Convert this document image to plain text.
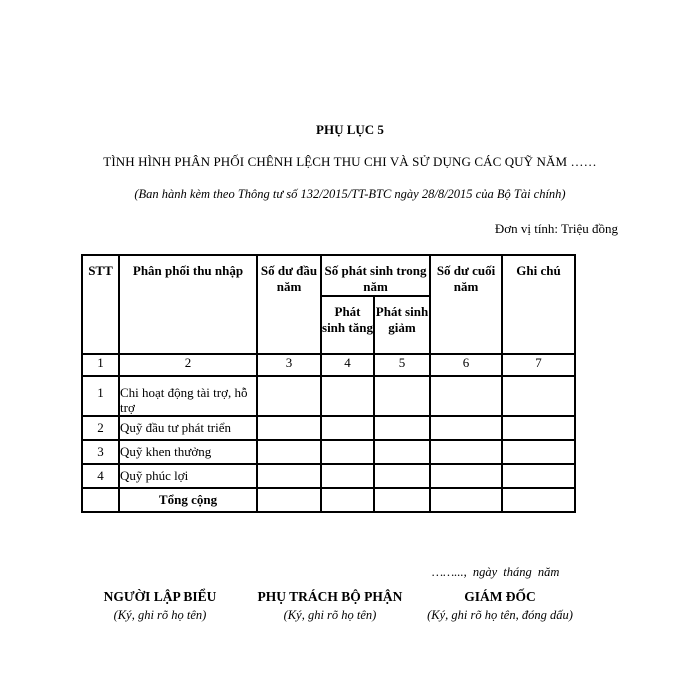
PHỤ LỤC 5
TÌNH HÌNH PHÂN PHỐI CHÊNH LỆCH THU CHI VÀ SỬ DỤNG CÁC QUỸ NĂM ……
(Ban hành kèm theo Thông tư số 132/2015/TT-BTC ngày 28/8/2015 của Bộ Tài chính)
Đơn vị tính: Triệu đồng
STT	Phân phối thu nhập	Số dư đầu năm	Số phát sinh trong năm		Số dư cuối năm	Ghi chú
			Phát sinh tăng	Phát sinh giảm		
1	2	3	4	5	6	7
1	Chi hoạt động tài trợ, hỗ trợ					
2	Quỹ đầu tư phát triển					
3	Quỹ khen thưởng					
4	Quỹ phúc lợi					
	Tổng cộng					
……..., ngày tháng năm
NGƯỜI LẬP BIỂU
(Ký, ghi rõ họ tên)
PHỤ TRÁCH BỘ PHẬN
(Ký, ghi rõ họ tên)
GIÁM ĐỐC
(Ký, ghi rõ họ tên, đóng dấu)
